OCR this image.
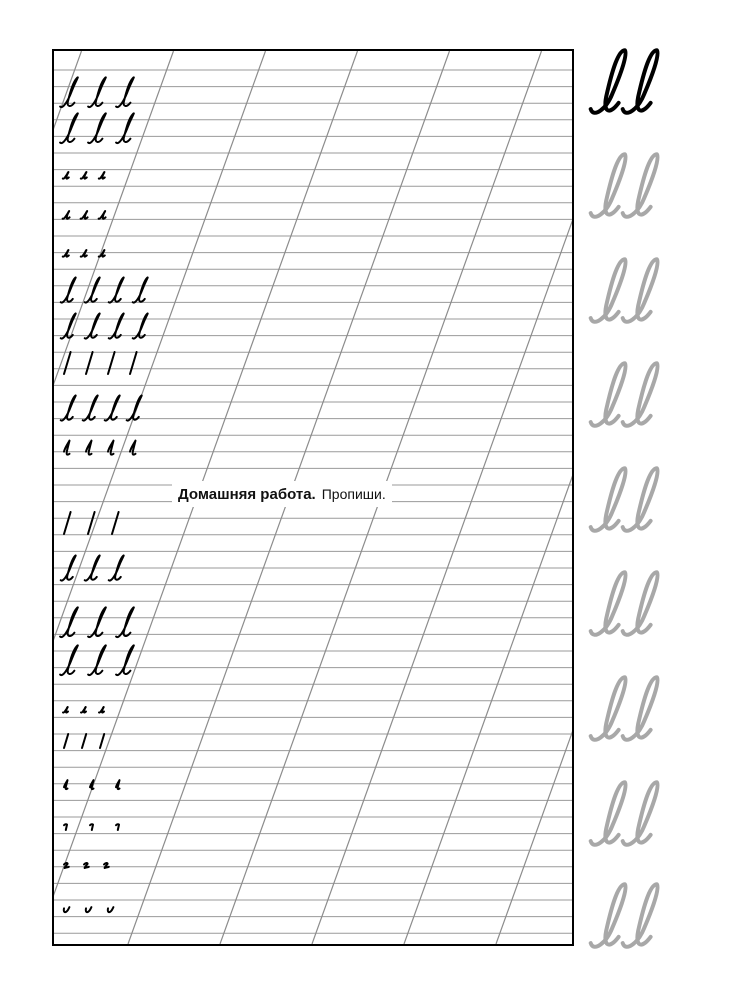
Домашняя работа. Пропиши.
